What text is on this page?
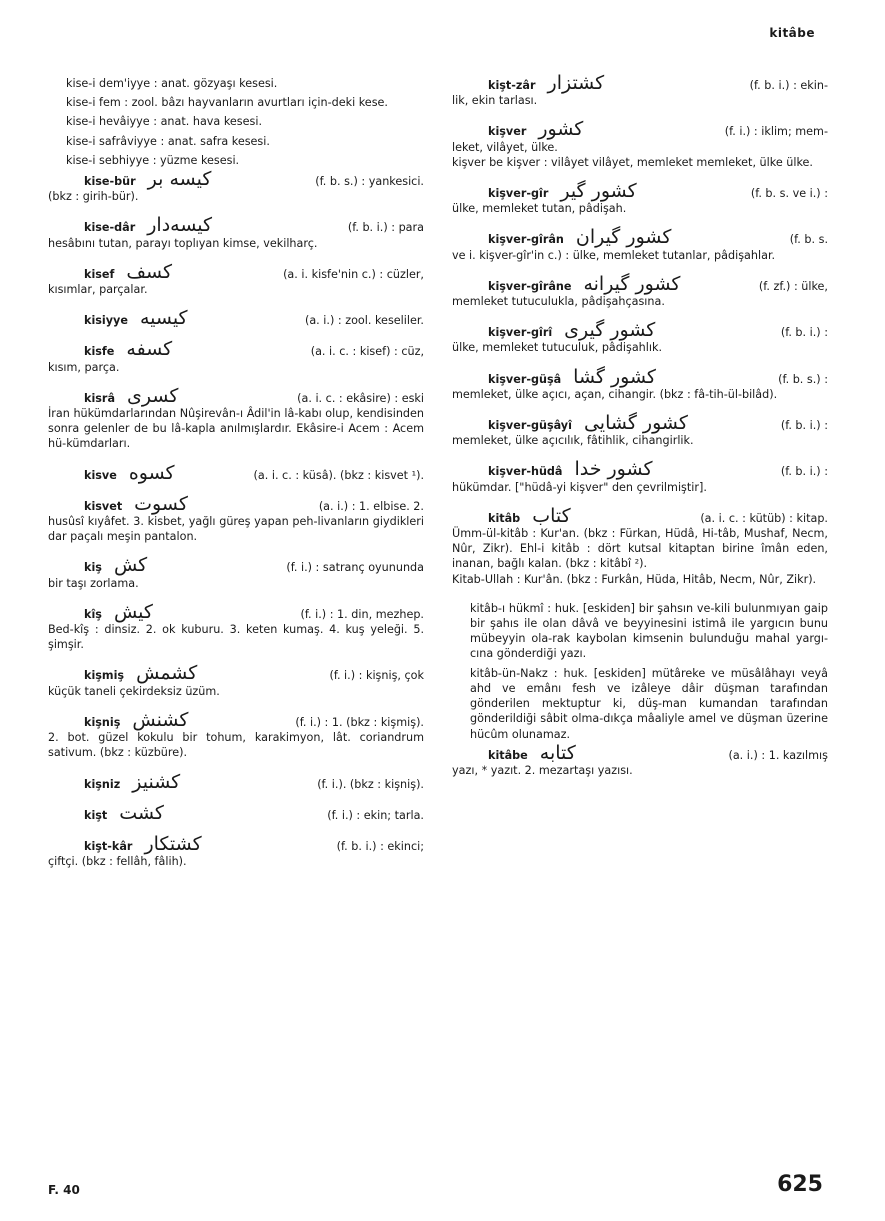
kitâbe
kise-i dem'iyye : anat. gözyaşı kesesi.
kise-i fem : zool. bâzı hayvanların avurtları için-deki kese.
kise-i hevâiyye : anat. hava kesesi.
kise-i safrâviyye : anat. safra kesesi.
kise-i sebhiyye : yüzme kesesi.
kise-bür کیسه بر	(f. b. s.) : yankesici.
(bkz : girih-bür).
kise-dâr کیسه‌دار	(f. b. i.) : para
hesâbını tutan, parayı toplıyan kimse, vekilharç.
kisef کسف	(a. i. kisfe'nin c.) : cüzler,
kısımlar, parçalar.
kisiyye کیسیه	(a. i.) : zool. keseliler.
kisfe کسفه	(a. i. c. : kisef) : cüz,
kısım, parça.
kisrâ کسری	(a. i. c. : ekâsire) : eski
İran hükümdarlarından Nûşirevân-ı Âdil'in lâ-kabı olup, kendisinden sonra gelenler de bu lâ-kapla anılmışlardır. Ekâsire-i Acem : Acem hü-kümdarları.
kisve کسوه	(a. i. c. : küsâ). (bkz : kisvet ¹).
kisvet کسوت	(a. i.) : 1. elbise. 2.
husûsî kıyâfet. 3. kisbet, yağlı güreş yapan peh-livanların giydikleri dar paçalı meşin pantalon.
kiş کش	(f. i.) : satranç oyununda
bir taşı zorlama.
kîş کیش	(f. i.) : 1. din, mezhep.
Bed-kîş : dinsiz. 2. ok kuburu. 3. keten kumaş. 4. kuş yeleği. 5. şimşir.
kişmiş کشمش	(f. i.) : kişniş, çok
küçük taneli çekirdeksiz üzüm.
kişniş کشنش	(f. i.) : 1. (bkz : kişmiş).
2. bot. güzel kokulu bir tohum, karakimyon, lât. coriandrum sativum. (bkz : küzbüre).
kişniz کشنیز	(f. i.). (bkz : kişniş).
kişt کشت	(f. i.) : ekin; tarla.
kişt-kâr کشتکار	(f. b. i.) : ekinci;
çiftçi. (bkz : fellâh, fâlih).
kişt-zâr کشتزار	(f. b. i.) : ekin-
lik, ekin tarlası.
kişver کشور	(f. i.) : iklim; mem-
leket, vilâyet, ülke.
kişver be kişver : vilâyet vilâyet, memleket memleket, ülke ülke.
kişver-gîr کشور گیر	(f. b. s. ve i.) :
ülke, memleket tutan, pâdişah.
kişver-gîrân کشور گیران	(f. b. s.
ve i. kişver-gîr'in c.) : ülke, memleket tutanlar, pâdişahlar.
kişver-gîrâne کشور گیرانه	(f. zf.) : ülke,
memleket tutuculukla, pâdişahçasına.
kişver-gîrî کشور گیری	(f. b. i.) :
ülke, memleket tutuculuk, pâdişahlık.
kişver-güşâ کشور گشا	(f. b. s.) :
memleket, ülke açıcı, açan, cihangir. (bkz : fâ-tih-ül-bilâd).
kişver-güşâyî کشور گشایی	(f. b. i.) :
memleket, ülke açıcılık, fâtihlik, cihangirlik.
kişver-hüdâ کشور خدا	(f. b. i.) :
hükümdar. ["hüdâ-yi kişver" den çevrilmiştir].
kitâb کتاب	(a. i. c. : kütüb) : kitap.
Ümm-ül-kitâb : Kur'an. (bkz : Fürkan, Hüdâ, Hi-tâb, Mushaf, Necm, Nûr, Zikr). Ehl-i kitâb : dört kutsal kitaptan birine îmân eden, inanan, bağlı kalan. (bkz : kitâbî ²).
Kitab-Ullah : Kur'ân. (bkz : Furkân, Hüda, Hitâb, Necm, Nûr, Zikr).
kitâb-ı hükmî : huk. [eskiden] bir şahsın ve-kili bulunmıyan gaip bir şahıs ile olan dâvâ ve beyyinesini istimâ ile yargıcın bunu mübeyyin ola-rak kaybolan kimsenin bulunduğu mahal yargı-cına gönderdiği yazı.
kitâb-ün-Nakz : huk. [eskiden] mütâreke ve müsâlâhayı veyâ ahd ve emânı fesh ve izâleye dâir düşman tarafından gönderilen mektuptur ki, düş-man kumandan tarafından gönderildiği sâbit olma-dıkça mâaliyle amel ve düşman üzerine hücûm olunamaz.
kitâbe کتابه	(a. i.) : 1. kazılmış
yazı, * yazıt. 2. mezartaşı yazısı.
F. 40	625
